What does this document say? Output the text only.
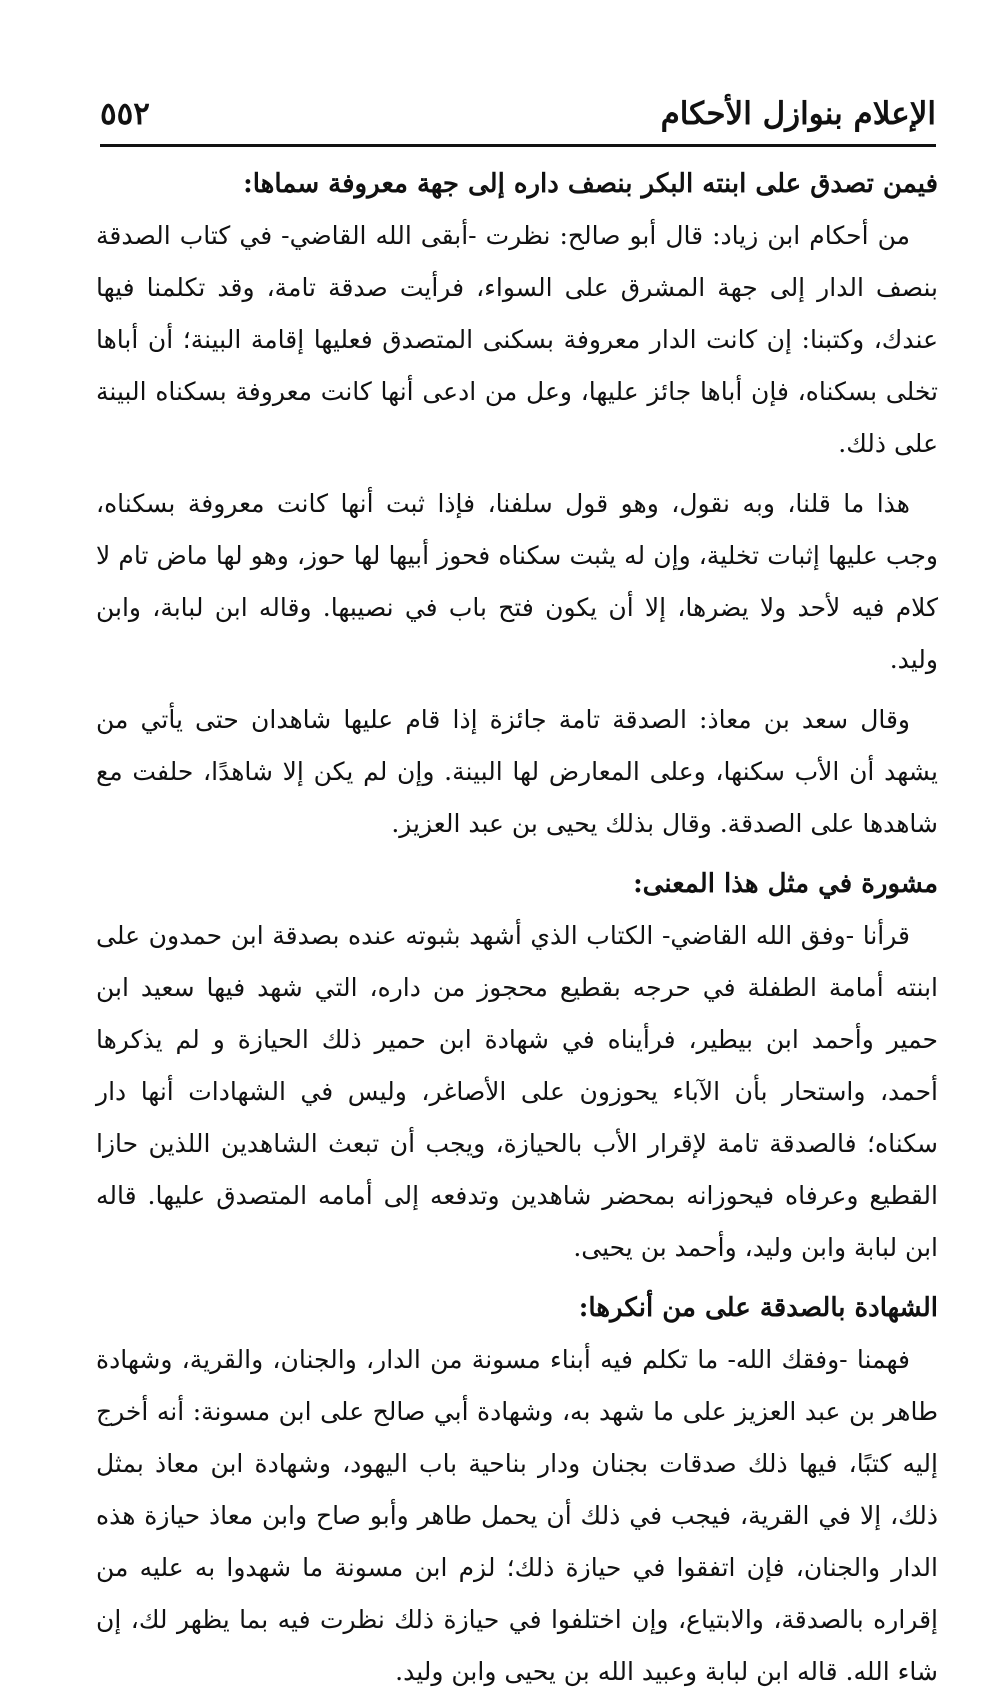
الإعلام بنوازل الأحكام
٥٥٢

فيمن تصدق على ابنته البكر بنصف داره إلى جهة معروفة سماها:

من أحكام ابن زياد: قال أبو صالح: نظرت -أبقى الله القاضي- في كتاب الصدقة بنصف الدار إلى جهة المشرق على السواء، فرأيت صدقة تامة، وقد تكلمنا فيها عندك، وكتبنا: إن كانت الدار معروفة بسكنى المتصدق فعليها إقامة البينة؛ أن أباها تخلى بسكناه، فإن أباها جائز عليها، وعل من ادعى أنها كانت معروفة بسكناه البينة على ذلك.

هذا ما قلنا، وبه نقول، وهو قول سلفنا، فإذا ثبت أنها كانت معروفة بسكناه، وجب عليها إثبات تخلية، وإن له يثبت سكناه فحوز أبيها لها حوز، وهو لها ماض تام لا كلام فيه لأحد ولا يضرها، إلا أن يكون فتح باب في نصيبها. وقاله ابن لبابة، وابن وليد.

وقال سعد بن معاذ: الصدقة تامة جائزة إذا قام عليها شاهدان حتى يأتي من يشهد أن الأب سكنها، وعلى المعارض لها البينة. وإن لم يكن إلا شاهدًا، حلفت مع شاهدها على الصدقة. وقال بذلك يحيى بن عبد العزيز.

مشورة في مثل هذا المعنى:

قرأنا -وفق الله القاضي- الكتاب الذي أشهد بثبوته عنده بصدقة ابن حمدون على ابنته أمامة الطفلة في حرجه بقطيع محجوز من داره، التي شهد فيها سعيد ابن حمير وأحمد ابن بيطير، فرأيناه في شهادة ابن حمير ذلك الحيازة و لم يذكرها أحمد، واستحار بأن الآباء يحوزون على الأصاغر، وليس في الشهادات أنها دار سكناه؛ فالصدقة تامة لإقرار الأب بالحيازة، ويجب أن تبعث الشاهدين اللذين حازا القطيع وعرفاه فيحوزانه بمحضر شاهدين وتدفعه إلى أمامه المتصدق عليها. قاله ابن لبابة وابن وليد، وأحمد بن يحيى.

الشهادة بالصدقة على من أنكرها:

فهمنا -وفقك الله- ما تكلم فيه أبناء مسونة من الدار، والجنان، والقرية، وشهادة طاهر بن عبد العزيز على ما شهد به، وشهادة أبي صالح على ابن مسونة: أنه أخرج إليه كتبًا، فيها ذلك صدقات بجنان ودار بناحية باب اليهود، وشهادة ابن معاذ بمثل ذلك، إلا في القرية، فيجب في ذلك أن يحمل طاهر وأبو صاح وابن معاذ حيازة هذه الدار والجنان، فإن اتفقوا في حيازة ذلك؛ لزم ابن مسونة ما شهدوا به عليه من إقراره بالصدقة، والابتياع، وإن اختلفوا في حيازة ذلك نظرت فيه بما يظهر لك، إن شاء الله. قاله ابن لبابة وعبيد الله بن يحيى وابن وليد.
